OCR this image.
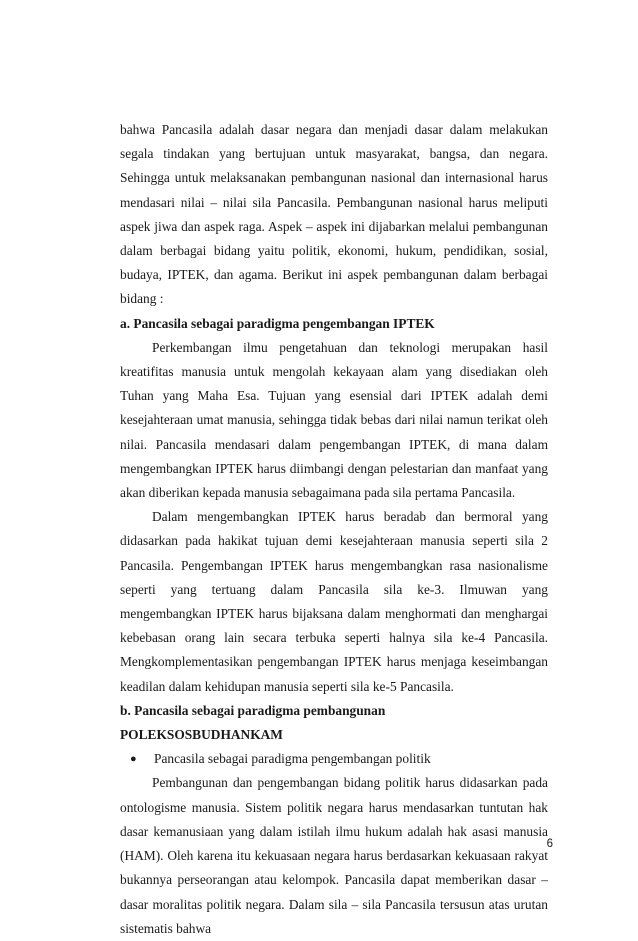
bahwa Pancasila adalah dasar negara dan menjadi dasar dalam melakukan segala tindakan yang bertujuan untuk masyarakat, bangsa, dan negara. Sehingga untuk melaksanakan pembangunan nasional dan internasional harus mendasari nilai – nilai sila Pancasila. Pembangunan nasional harus meliputi aspek jiwa dan aspek raga. Aspek – aspek ini dijabarkan melalui pembangunan dalam berbagai bidang yaitu politik, ekonomi, hukum, pendidikan, sosial, budaya, IPTEK, dan agama. Berikut ini aspek pembangunan dalam berbagai bidang :

a. Pancasila sebagai paradigma pengembangan IPTEK

Perkembangan ilmu pengetahuan dan teknologi merupakan hasil kreatifitas manusia untuk mengolah kekayaan alam yang disediakan oleh Tuhan yang Maha Esa. Tujuan yang esensial dari IPTEK adalah demi kesejahteraan umat manusia, sehingga tidak bebas dari nilai namun terikat oleh nilai. Pancasila mendasari dalam pengembangan IPTEK, di mana dalam mengembangkan IPTEK harus diimbangi dengan pelestarian dan manfaat yang akan diberikan kepada manusia sebagaimana pada sila pertama Pancasila.

Dalam mengembangkan IPTEK harus beradab dan bermoral yang didasarkan pada hakikat tujuan demi kesejahteraan manusia seperti sila 2 Pancasila. Pengembangan IPTEK harus mengembangkan rasa nasionalisme seperti yang tertuang dalam Pancasila sila ke-3. Ilmuwan yang mengembangkan IPTEK harus bijaksana dalam menghormati dan menghargai kebebasan orang lain secara terbuka seperti halnya sila ke-4 Pancasila. Mengkomplementasikan pengembangan IPTEK harus menjaga keseimbangan keadilan dalam kehidupan manusia seperti sila ke-5 Pancasila.

b. Pancasila sebagai paradigma pembangunan POLEKSOSBUDHANKAM

● Pancasila sebagai paradigma pengembangan politik

Pembangunan dan pengembangan bidang politik harus didasarkan pada ontologisme manusia. Sistem politik negara harus mendasarkan tuntutan hak dasar kemanusiaan yang dalam istilah ilmu hukum adalah hak asasi manusia (HAM). Oleh karena itu kekuasaan negara harus berdasarkan kekuasaan rakyat bukannya perseorangan atau kelompok. Pancasila dapat memberikan dasar – dasar moralitas politik negara. Dalam sila – sila Pancasila tersusun atas urutan sistematis bahwa

6
